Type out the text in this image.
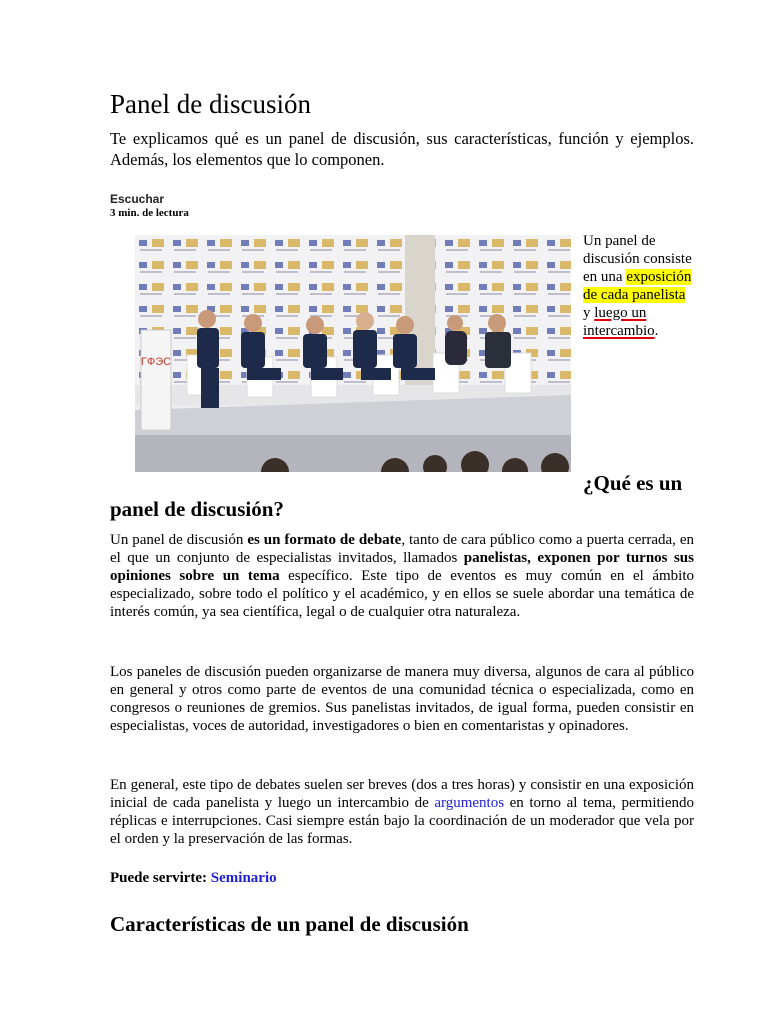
Panel de discusión

Te explicamos qué es un panel de discusión, sus características, función y ejemplos. Además, los elementos que lo componen.

Escuchar
3 min. de lectura
ГФЭС

Un panel de discusión consiste en una exposición de cada panelista y luego un intercambio.

¿Qué es un
panel de discusión?

Un panel de discusión es un formato de debate, tanto de cara público como a puerta cerrada, en el que un conjunto de especialistas invitados, llamados panelistas, exponen por turnos sus opiniones sobre un tema específico. Este tipo de eventos es muy común en el ámbito especializado, sobre todo el político y el académico, y en ellos se suele abordar una temática de interés común, ya sea científica, legal o de cualquier otra naturaleza.

Los paneles de discusión pueden organizarse de manera muy diversa, algunos de cara al público en general y otros como parte de eventos de una comunidad técnica o especializada, como en congresos o reuniones de gremios. Sus panelistas invitados, de igual forma, pueden consistir en especialistas, voces de autoridad, investigadores o bien en comentaristas y opinadores.

En general, este tipo de debates suelen ser breves (dos a tres horas) y consistir en una exposición inicial de cada panelista y luego un intercambio de argumentos en torno al tema, permitiendo réplicas e interrupciones. Casi siempre están bajo la coordinación de un moderador que vela por el orden y la preservación de las formas.

Puede servirte: Seminario
Características de un panel de discusión
